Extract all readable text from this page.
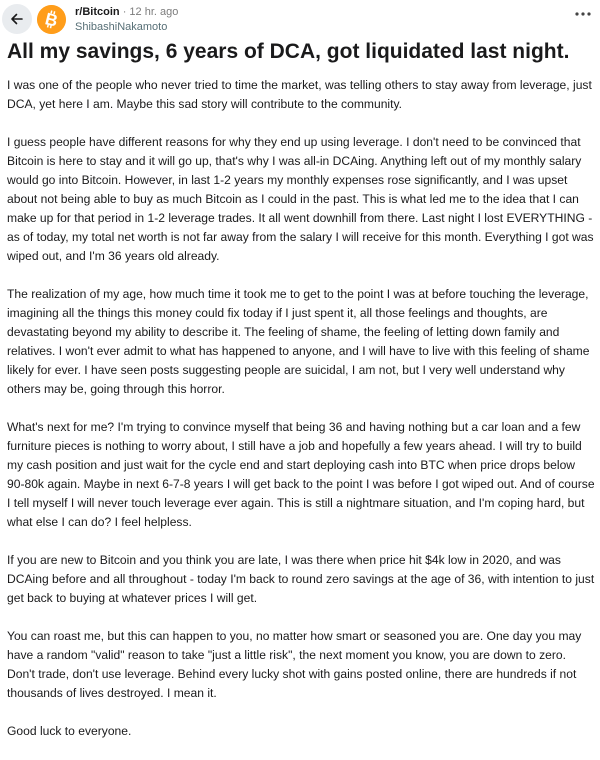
B r/Bitcoin · 12 hr. ago
ShibashiNakamoto
All my savings, 6 years of DCA, got liquidated last night.

I was one of the people who never tried to time the market, was telling others to stay away from leverage, just DCA, yet here I am. Maybe this sad story will contribute to the community.

I guess people have different reasons for why they end up using leverage. I don't need to be convinced that Bitcoin is here to stay and it will go up, that's why I was all-in DCAing. Anything left out of my monthly salary would go into Bitcoin. However, in last 1-2 years my monthly expenses rose significantly, and I was upset about not being able to buy as much Bitcoin as I could in the past. This is what led me to the idea that I can make up for that period in 1-2 leverage trades. It all went downhill from there. Last night I lost EVERYTHING - as of today, my total net worth is not far away from the salary I will receive for this month. Everything I got was wiped out, and I'm 36 years old already.

The realization of my age, how much time it took me to get to the point I was at before touching the leverage, imagining all the things this money could fix today if I just spent it, all those feelings and thoughts, are devastating beyond my ability to describe it. The feeling of shame, the feeling of letting down family and relatives. I won't ever admit to what has happened to anyone, and I will have to live with this feeling of shame likely for ever. I have seen posts suggesting people are suicidal, I am not, but I very well understand why others may be, going through this horror.

What's next for me? I'm trying to convince myself that being 36 and having nothing but a car loan and a few furniture pieces is nothing to worry about, I still have a job and hopefully a few years ahead. I will try to build my cash position and just wait for the cycle end and start deploying cash into BTC when price drops below 90-80k again. Maybe in next 6-7-8 years I will get back to the point I was before I got wiped out. And of course I tell myself I will never touch leverage ever again. This is still a nightmare situation, and I'm coping hard, but what else I can do? I feel helpless.

If you are new to Bitcoin and you think you are late, I was there when price hit $4k low in 2020, and was DCAing before and all throughout - today I'm back to round zero savings at the age of 36, with intention to just get back to buying at whatever prices I will get.

You can roast me, but this can happen to you, no matter how smart or seasoned you are. One day you may have a random "valid" reason to take "just a little risk", the next moment you know, you are down to zero. Don't trade, don't use leverage. Behind every lucky shot with gains posted online, there are hundreds if not thousands of lives destroyed. I mean it.

Good luck to everyone.
